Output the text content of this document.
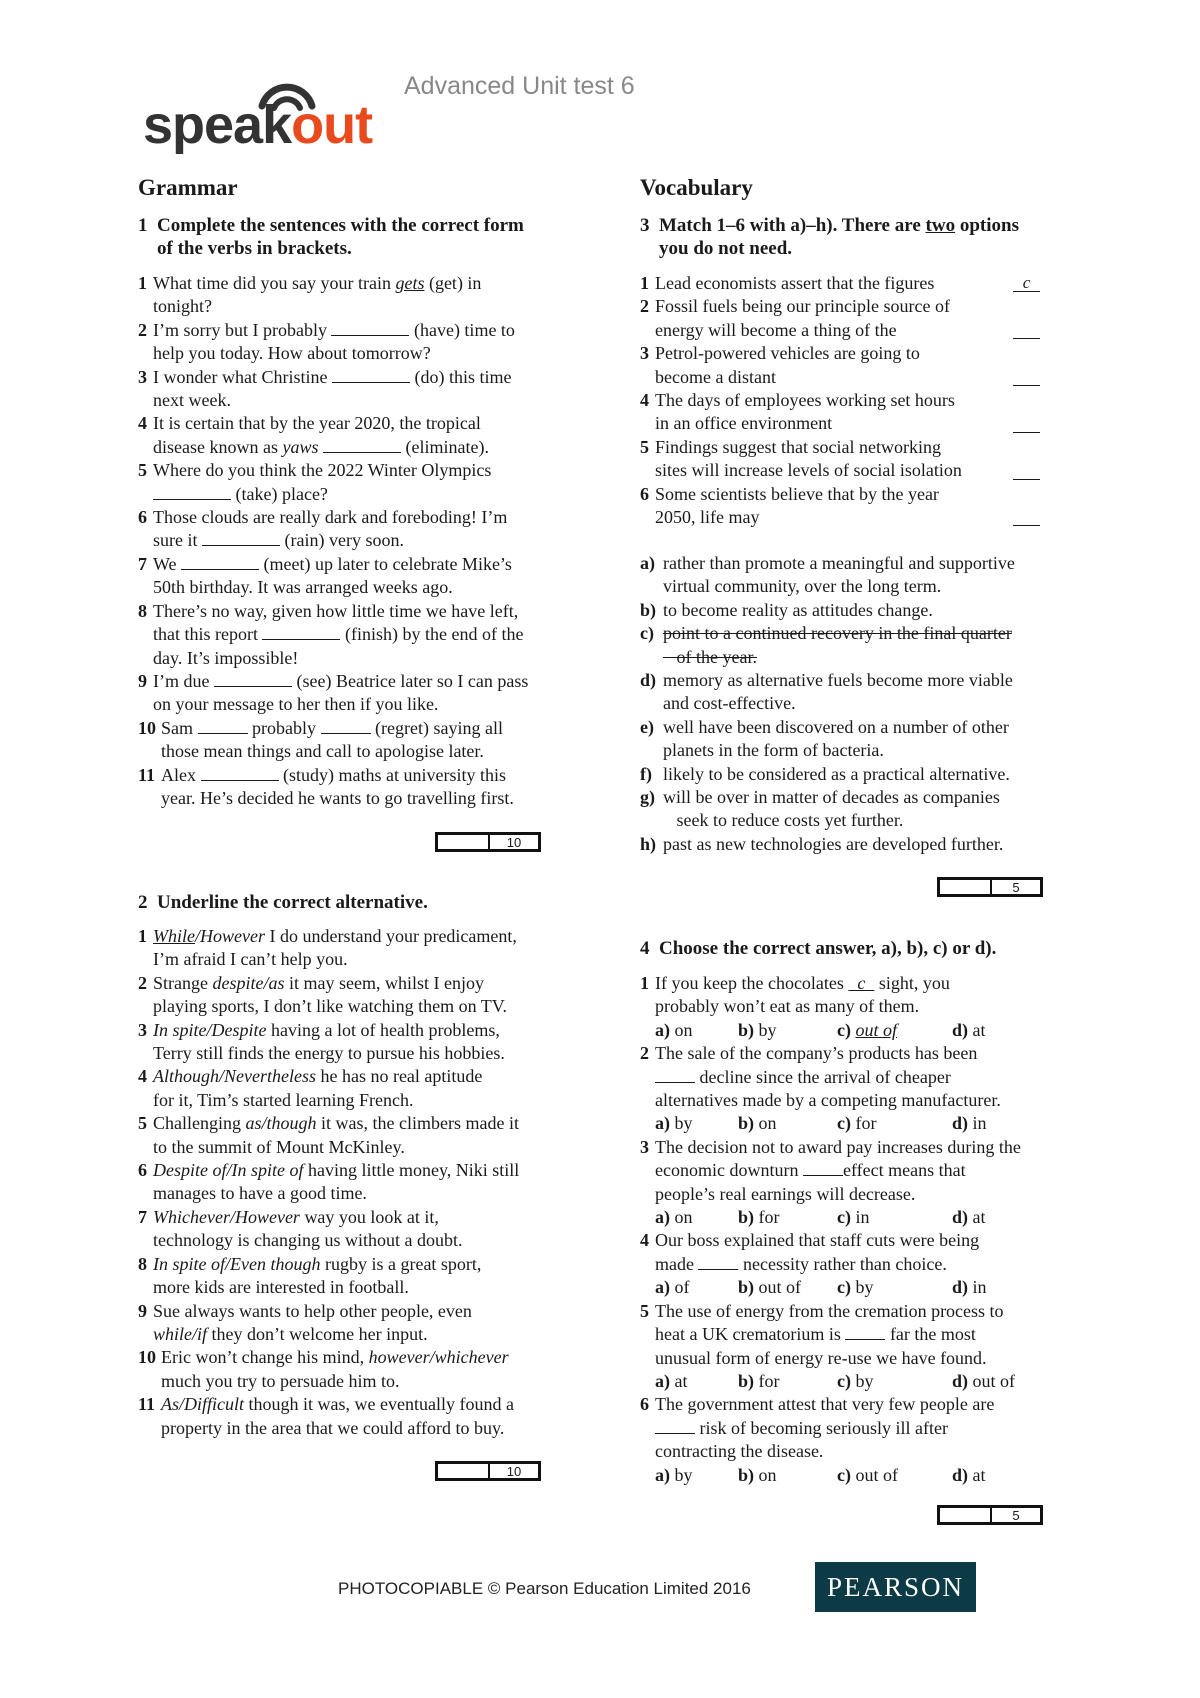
speakout
Advanced Unit test 6
Grammar
1 Complete the sentences with the correct form
of the verbs in brackets.
1 What time did you say your train gets (get) in
tonight?
2 I’m sorry but I probably	(have) time to
help you today. How about tomorrow?
3 I wonder what Christine	(do) this time
next week.
4 It is certain that by the year 2020, the tropical
disease known as yaws	(eliminate).
5 Where do you think the 2022 Winter Olympics
(take) place?
6 Those clouds are really dark and foreboding! I’m
sure it	(rain) very soon.
7 We	(meet) up later to celebrate Mike’s
50th birthday. It was arranged weeks ago.
8 There’s no way, given how little time we have left,
that this report	(finish) by the end of the
day. It’s impossible!
9 I’m due	(see) Beatrice later so I can pass
on your message to her then if you like.
10 Sam	probably	(regret) saying all
those mean things and call to apologise later.
11 Alex	(study) maths at university this
year. He’s decided he wants to go travelling first.
10
2 Underline the correct alternative.
1 While/However I do understand your predicament,
I’m afraid I can’t help you.
2 Strange despite/as it may seem, whilst I enjoy
playing sports, I don’t like watching them on TV.
3 In spite/Despite having a lot of health problems,
Terry still finds the energy to pursue his hobbies.
4 Although/Nevertheless he has no real aptitude
for it, Tim’s started learning French.
5 Challenging as/though it was, the climbers made it
to the summit of Mount McKinley.
6 Despite of/In spite of having little money, Niki still
manages to have a good time.
7 Whichever/However way you look at it,
technology is changing us without a doubt.
8 In spite of/Even though rugby is a great sport,
more kids are interested in football.
9 Sue always wants to help other people, even
while/if they don’t welcome her input.
10 Eric won’t change his mind, however/whichever
much you try to persuade him to.
11 As/Difficult though it was, we eventually found a
property in the area that we could afford to buy.
10
Vocabulary
3 Match 1–6 with a)–h). There are two options
you do not need.
1 Lead economists assert that the figures	c
2 Fossil fuels being our principle source of
energy will become a thing of the
3 Petrol-powered vehicles are going to
become a distant
4 The days of employees working set hours
in an office environment
5 Findings suggest that social networking
sites will increase levels of social isolation
6 Some scientists believe that by the year
2050, life may
a) rather than promote a meaningful and supportive
virtual community, over the long term.
b) to become reality as attitudes change.
c) point to a continued recovery in the final quarter
of the year.
d) memory as alternative fuels become more viable
and cost-effective.
e) well have been discovered on a number of other
planets in the form of bacteria.
f) likely to be considered as a practical alternative.
g) will be over in matter of decades as companies
seek to reduce costs yet further.
h) past as new technologies are developed further.
5
4 Choose the correct answer, a), b), c) or d).
1 If you keep the chocolates   c   sight, you
probably won’t eat as many of them.
a) on	b) by	c) out of	d) at
2 The sale of the company’s products has been
decline since the arrival of cheaper
alternatives made by a competing manufacturer.
a) by	b) on	c) for	d) in
3 The decision not to award pay increases during the
economic downturn effect means that
people’s real earnings will decrease.
a) on	b) for	c) in	d) at
4 Our boss explained that staff cuts were being
made  necessity rather than choice.
a) of	b) out of	c) by	d) in
5 The use of energy from the cremation process to
heat a UK crematorium is  far the most
unusual form of energy re-use we have found.
a) at	b) for	c) by	d) out of
6 The government attest that very few people are
risk of becoming seriously ill after
contracting the disease.
a) by	b) on	c) out of	d) at
5
PHOTOCOPIABLE © Pearson Education Limited 2016	PEARSON
